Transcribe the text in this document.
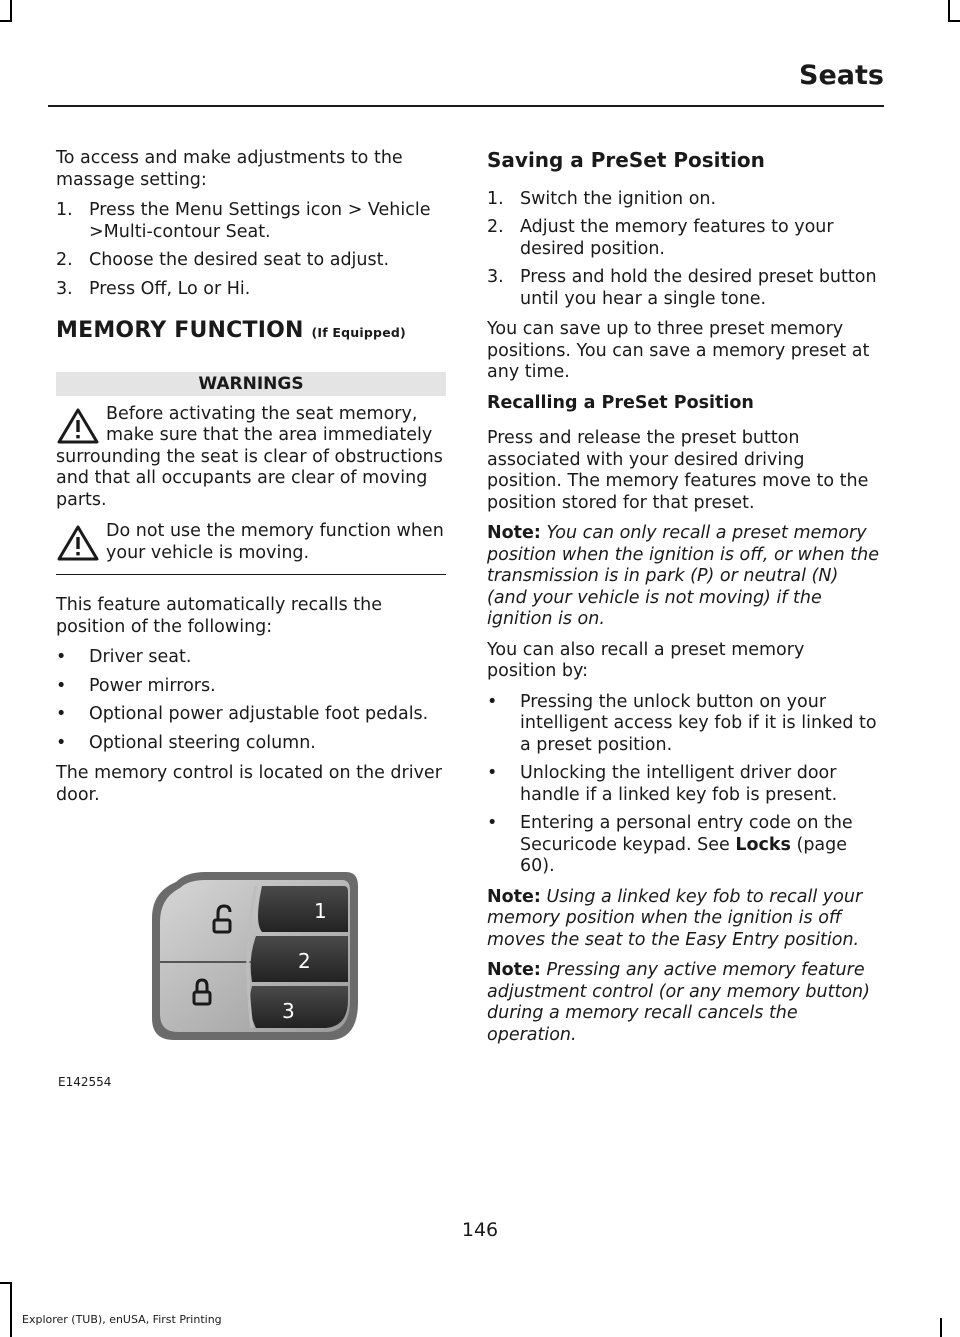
Seats

To access and make adjustments to the massage setting:

1. Press the Menu Settings icon > Vehicle >Multi-contour Seat.
2. Choose the desired seat to adjust.
3. Press Off, Lo or Hi.
MEMORY FUNCTION (If Equipped)
WARNINGS
Before activating the seat memory, make sure that the area immediately surrounding the seat is clear of obstructions and that all occupants are clear of moving parts.
Do not use the memory function when your vehicle is moving.

This feature automatically recalls the position of the following:

• Driver seat.
• Power mirrors.
• Optional power adjustable foot pedals.
• Optional steering column.

The memory control is located on the driver door.

1
2
3
E142554
Saving a PreSet Position
1. Switch the ignition on.
2. Adjust the memory features to your desired position.
3. Press and hold the desired preset button until you hear a single tone.

You can save up to three preset memory positions. You can save a memory preset at any time.

Recalling a PreSet Position

Press and release the preset button associated with your desired driving position. The memory features move to the position stored for that preset.

Note: You can only recall a preset memory position when the ignition is off, or when the transmission is in park (P) or neutral (N) (and your vehicle is not moving) if the ignition is on.

You can also recall a preset memory position by:

• Pressing the unlock button on your intelligent access key fob if it is linked to a preset position.
• Unlocking the intelligent driver door handle if a linked key fob is present.
• Entering a personal entry code on the Securicode keypad. See Locks (page 60).

Note: Using a linked key fob to recall your memory position when the ignition is off moves the seat to the Easy Entry position.

Note: Pressing any active memory feature adjustment control (or any memory button) during a memory recall cancels the operation.

146
Explorer (TUB), enUSA, First Printing
